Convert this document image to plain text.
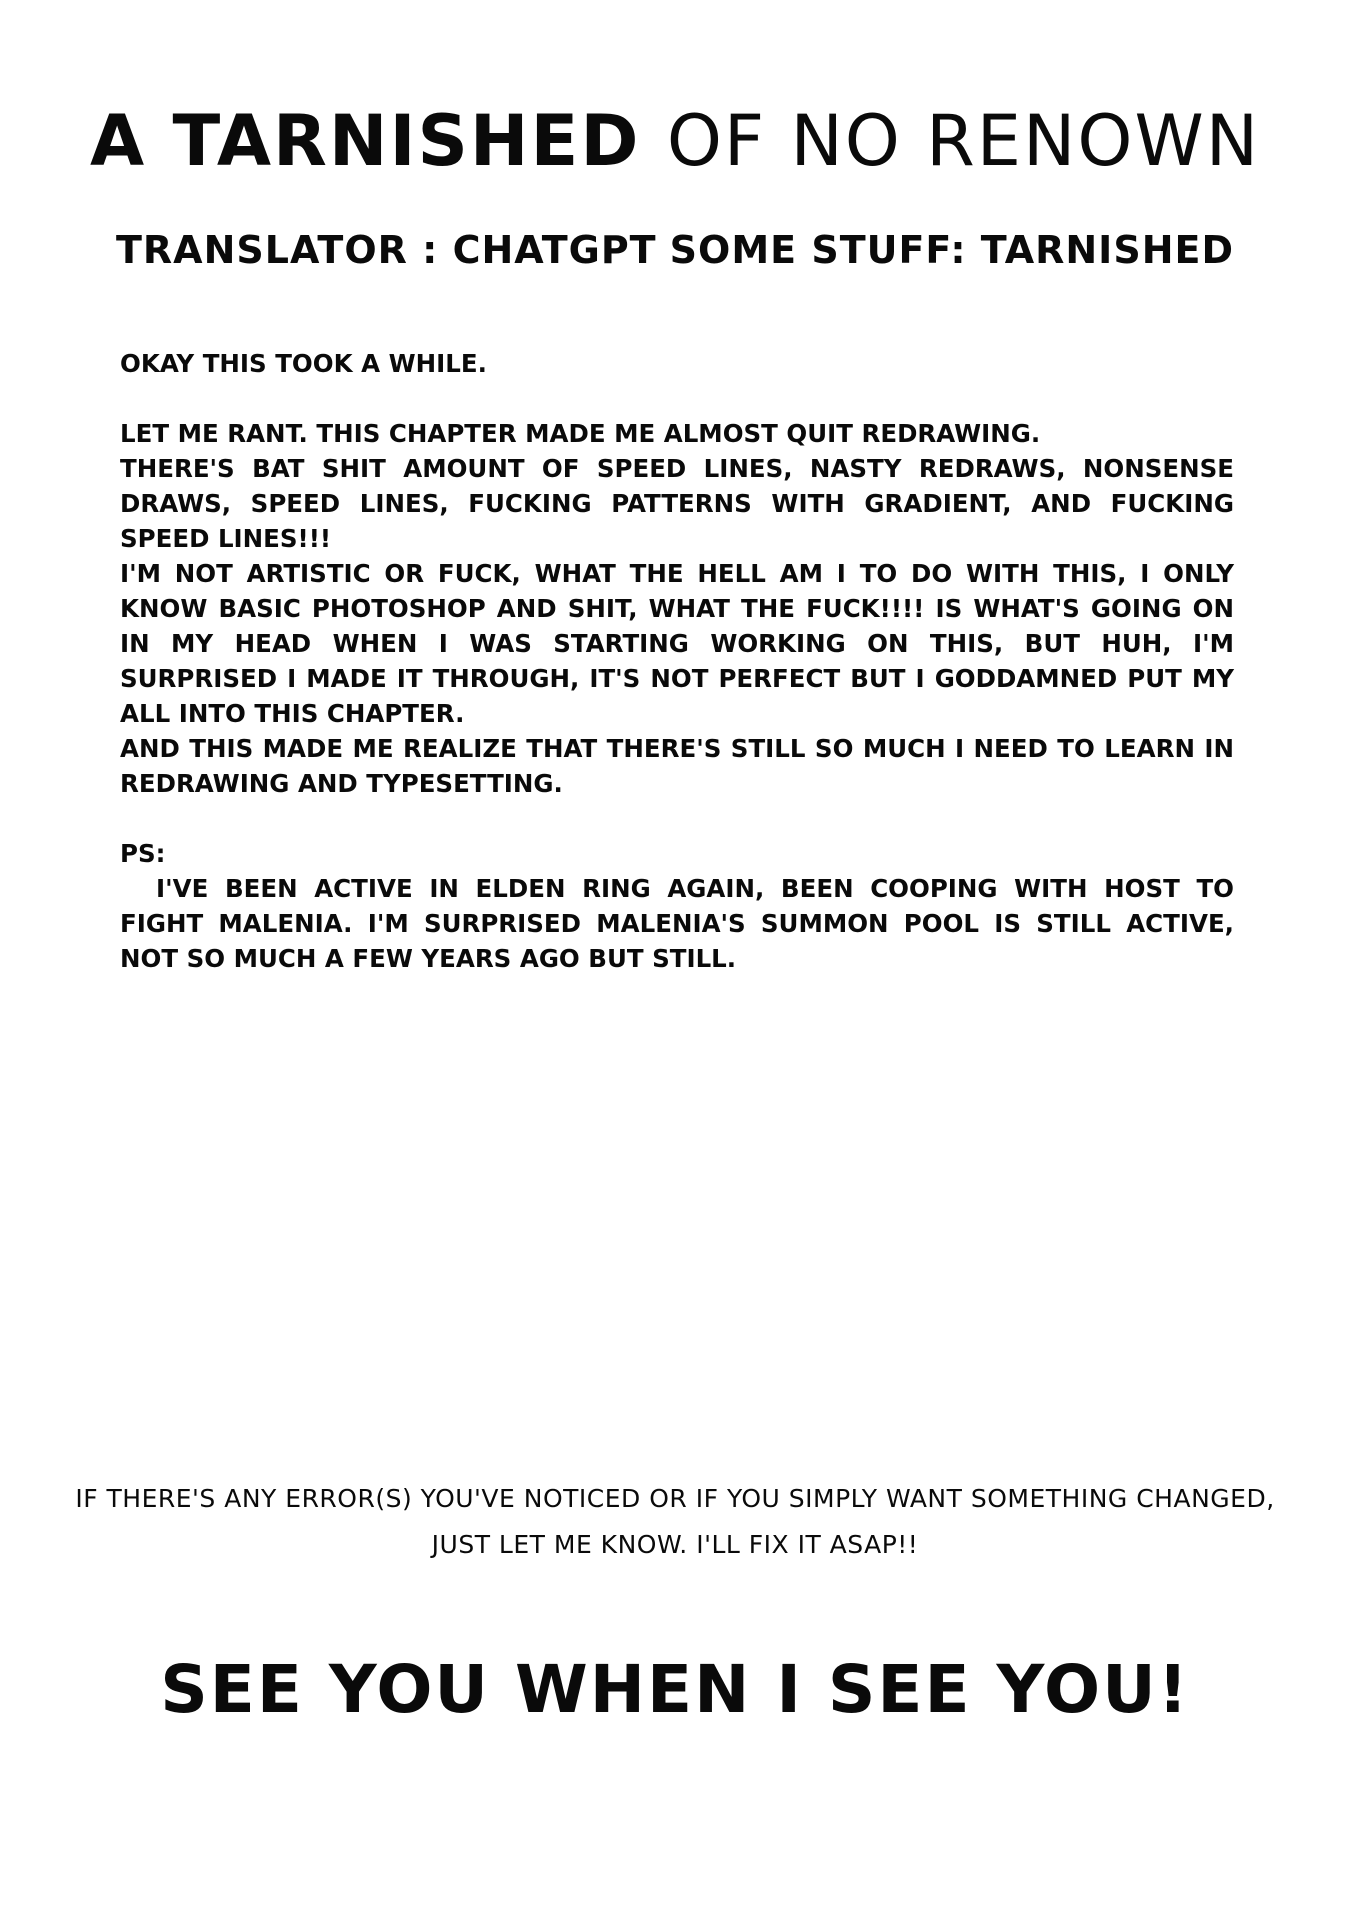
A TARNISHED OF NO RENOWN
TRANSLATOR : CHATGPT SOME STUFF: TARNISHED

OKAY THIS TOOK A WHILE.

LET ME RANT. THIS CHAPTER MADE ME ALMOST QUIT REDRAWING.

THERE'S BAT SHIT AMOUNT OF SPEED LINES, NASTY REDRAWS, NONSENSE DRAWS, SPEED LINES, FUCKING PATTERNS WITH GRADIENT, AND FUCKING SPEED LINES!!!

I'M NOT ARTISTIC OR FUCK, WHAT THE HELL AM I TO DO WITH THIS, I ONLY KNOW BASIC PHOTOSHOP AND SHIT, WHAT THE FUCK!!!! IS WHAT'S GOING ON IN MY HEAD WHEN I WAS STARTING WORKING ON THIS, BUT HUH, I'M SURPRISED I MADE IT THROUGH, IT'S NOT PERFECT BUT I GODDAMNED PUT MY ALL INTO THIS CHAPTER.

AND THIS MADE ME REALIZE THAT THERE'S STILL SO MUCH I NEED TO LEARN IN REDRAWING AND TYPESETTING.

PS:

I'VE BEEN ACTIVE IN ELDEN RING AGAIN, BEEN COOPING WITH HOST TO FIGHT MALENIA. I'M SURPRISED MALENIA'S SUMMON POOL IS STILL ACTIVE, NOT SO MUCH A FEW YEARS AGO BUT STILL.

IF THERE'S ANY ERROR(S) YOU'VE NOTICED OR IF YOU SIMPLY WANT SOMETHING CHANGED,

JUST LET ME KNOW. I'LL FIX IT ASAP!!

SEE YOU WHEN I SEE YOU!
